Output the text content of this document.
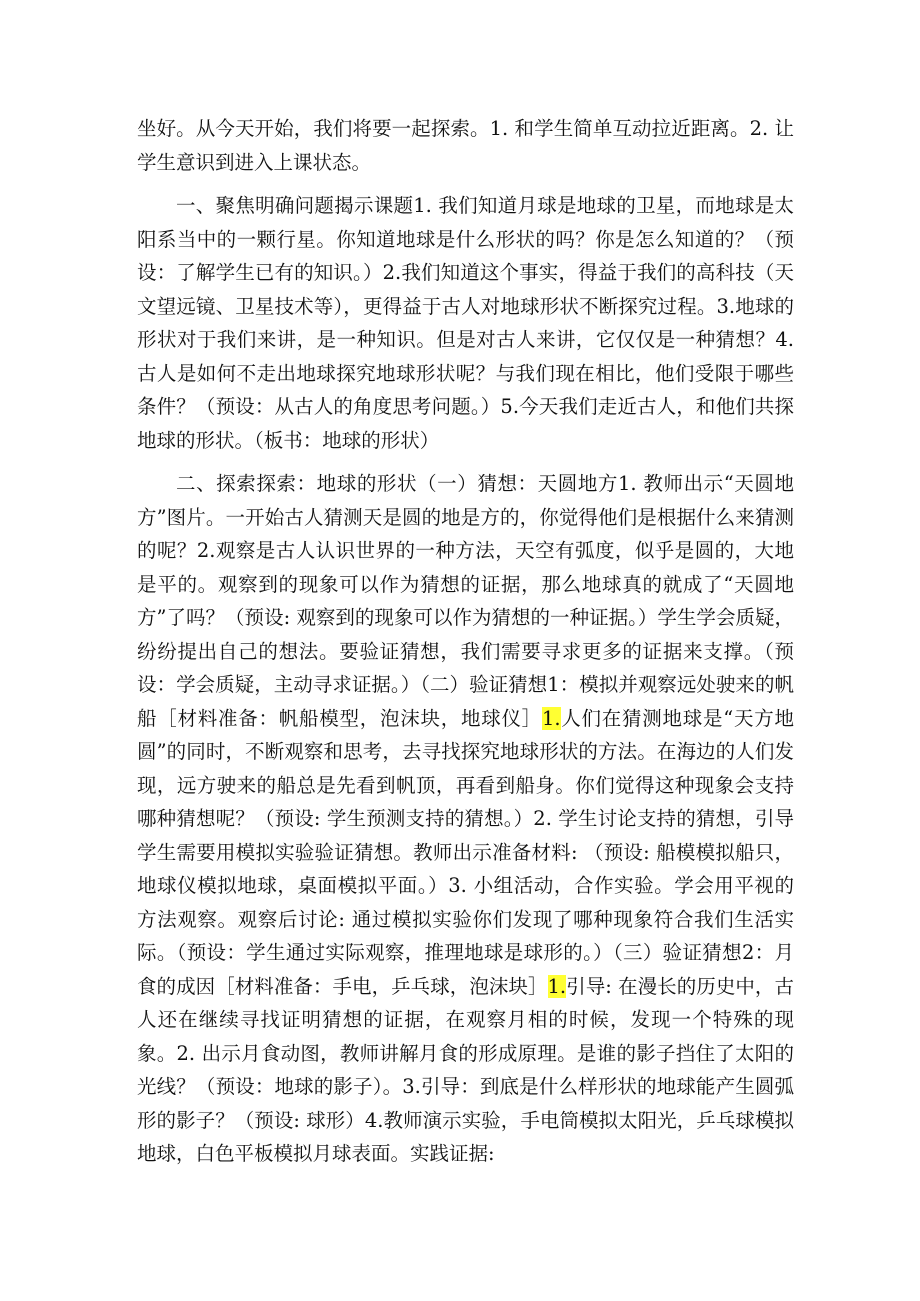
坐好。从今天开始，我们将要一起探索。1. 和学生简单互动拉近距离。2. 让学生意识到进入上课状态。

一、聚焦明确问题揭示课题1. 我们知道月球是地球的卫星，而地球是太阳系当中的一颗行星。你知道地球是什么形状的吗？你是怎么知道的？（预设：了解学生已有的知识。）2.我们知道这个事实，得益于我们的高科技（天文望远镜、卫星技术等），更得益于古人对地球形状不断探究过程。3.地球的形状对于我们来讲，是一种知识。但是对古人来讲，它仅仅是一种猜想？4. 古人是如何不走出地球探究地球形状呢？与我们现在相比，他们受限于哪些条件？（预设：从古人的角度思考问题。）5.今天我们走近古人，和他们共探地球的形状。（板书：地球的形状）

二、探索探索：地球的形状（一）猜想：天圆地方1. 教师出示“天圆地方”图片。一开始古人猜测天是圆的地是方的，你觉得他们是根据什么来猜测的呢？2.观察是古人认识世界的一种方法，天空有弧度，似乎是圆的，大地是平的。观察到的现象可以作为猜想的证据，那么地球真的就成了“天圆地方”了吗？（预设: 观察到的现象可以作为猜想的一种证据。）学生学会质疑，纷纷提出自己的想法。要验证猜想，我们需要寻求更多的证据来支撑。（预设：学会质疑，主动寻求证据。）（二）验证猜想1：模拟并观察远处驶来的帆船［材料准备：帆船模型，泡沫块，地球仪］1.人们在猜测地球是“天方地圆”的同时，不断观察和思考，去寻找探究地球形状的方法。在海边的人们发现，远方驶来的船总是先看到帆顶，再看到船身。你们觉得这种现象会支持哪种猜想呢？（预设: 学生预测支持的猜想。）2. 学生讨论支持的猜想，引导学生需要用模拟实验验证猜想。教师出示准备材料: （预设: 船模模拟船只，地球仪模拟地球，桌面模拟平面。）3. 小组活动，合作实验。学会用平视的方法观察。观察后讨论: 通过模拟实验你们发现了哪种现象符合我们生活实际。（预设：学生通过实际观察，推理地球是球形的。）（三）验证猜想2：月食的成因［材料准备：手电，乒乓球，泡沫块］1.引导: 在漫长的历史中，古人还在继续寻找证明猜想的证据，在观察月相的时候，发现一个特殊的现象。2. 出示月食动图，教师讲解月食的形成原理。是谁的影子挡住了太阳的光线？（预设：地球的影子）。3.引导：到底是什么样形状的地球能产生圆弧形的影子？（预设: 球形）4.教师演示实验，手电筒模拟太阳光，乒乓球模拟地球，白色平板模拟月球表面。实践证据:
